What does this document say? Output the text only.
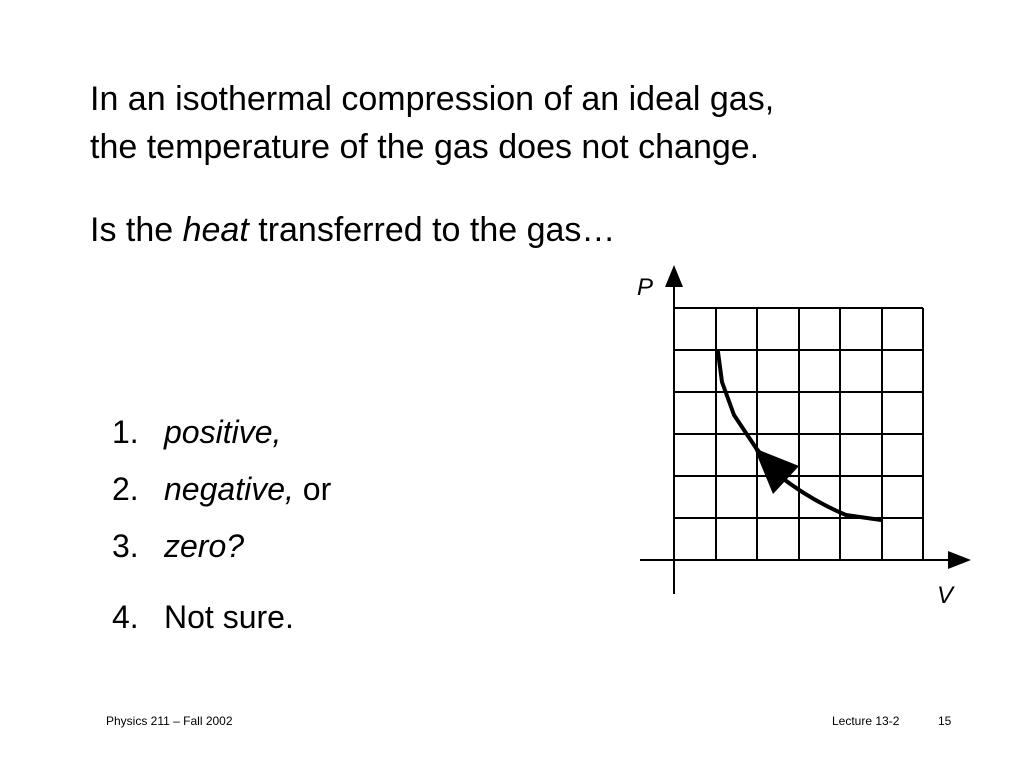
In an isothermal compression of an ideal gas,
the temperature of the gas does not change.
Is the heat transferred to the gas…
1. positive,
2. negative, or
3. zero?
4. Not sure.
P
V
Physics 211 – Fall 2002	Lecture 13-2	15
